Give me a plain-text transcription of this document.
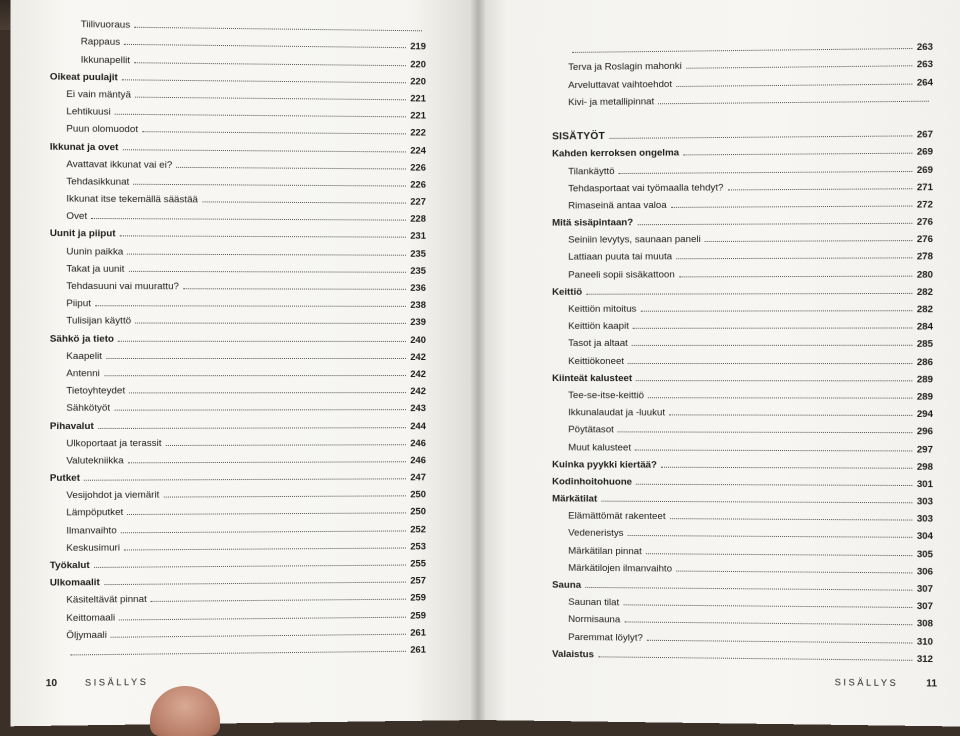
Tiilivuoraus
Rappaus	219
Ikkunapellit	220
Oikeat puulajit	220
Ei vain mäntyä	221
Lehtikuusi	221
Puun olomuodot	222
Ikkunat ja ovet	224
Avattavat ikkunat vai ei?	226
Tehdasikkunat	226
Ikkunat itse tekemällä säästää	227
Ovet	228
Uunit ja piiput	231
Uunin paikka	235
Takat ja uunit	235
Tehdasuuni vai muurattu?	236
Piiput	238
Tulisijan käyttö	239
Sähkö ja tieto	240
Kaapelit	242
Antenni	242
Tietoyhteydet	242
Sähkötyöt	243
Pihavalut	244
Ulkoportaat ja terassit	246
Valutekniikka	246
Putket	247
Vesijohdot ja viemärit	250
Lämpöputket	250
Ilmanvaihto	252
Keskusimuri	253
Työkalut	255
Ulkomaalit	257
Käsiteltävät pinnat	259
Keittomaali	259
Öljymaali	261
261
10	SISÄLLYS
263
Terva ja Roslagin mahonki	263
Arveluttavat vaihtoehdot	264
Kivi- ja metallipinnat
SISÄTYÖT	267
Kahden kerroksen ongelma	269
Tilankäyttö	269
Tehdasportaat vai työmaalla tehdyt?	271
Rimaseinä antaa valoa	272
Mitä sisäpintaan?	276
Seiniin levytys, saunaan paneli	276
Lattiaan puuta tai muuta	278
Paneeli sopii sisäkattoon	280
Keittiö	282
Keittiön mitoitus	282
Keittiön kaapit	284
Tasot ja altaat	285
Keittiökoneet	286
Kiinteät kalusteet	289
Tee-se-itse-keittiö	289
Ikkunalaudat ja -luukut	294
Pöytätasot	296
Muut kalusteet	297
Kuinka pyykki kiertää?	298
Kodinhoitohuone	301
Märkätilat	303
Elämättömät rakenteet	303
Vedeneristys	304
Märkätilan pinnat	305
Märkätilojen ilmanvaihto	306
Sauna	307
Saunan tilat	307
Normisauna	308
Paremmat löylyt?	310
Valaistus	312
SISÄLLYS	11
